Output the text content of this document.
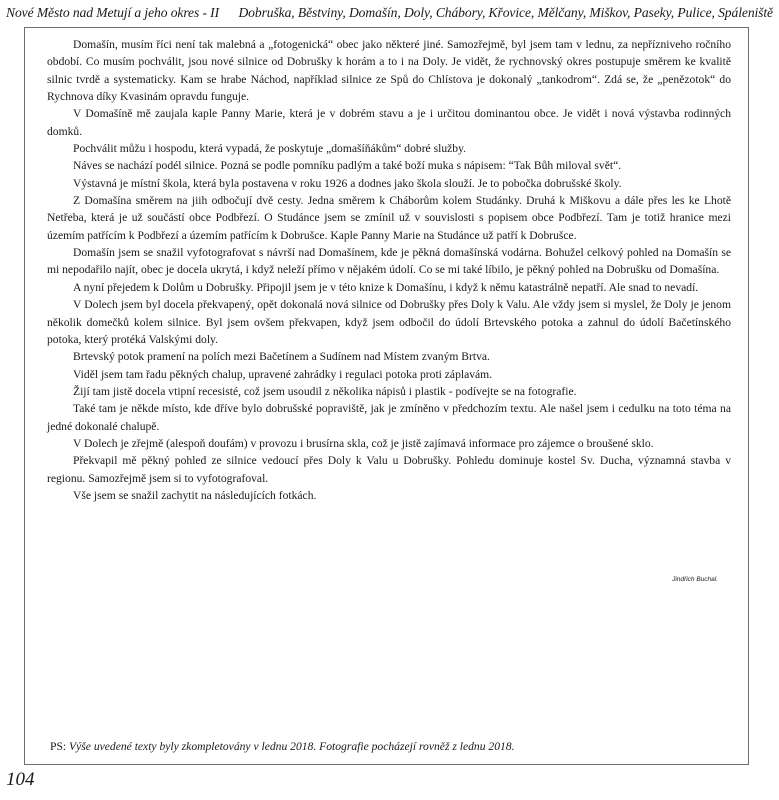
Nové Město nad Metují a jeho okres - II Dobruška, Běstviny, Domašín, Doly, Chábory, Křovice, Mělčany, Miškov, Paseky, Pulice, Spáleniště

Domašín, musím říci není tak malebná a „fotogenická“ obec jako některé jiné. Samozřejmě, byl jsem tam v lednu, za nepřízniveho ročního období. Co musím pochválit, jsou nové silnice od Dobrušky k horám a to i na Doly. Je vidět, že rychnovský okres postupuje směrem ke kvalitě silnic tvrdě a systematicky. Kam se hrabe Náchod, například silnice ze Spů do Chlístova je dokonalý „tankodrom“. Zdá se, že „penězotok“ do Rychnova díky Kvasinám opravdu funguje.

V Domašíně mě zaujala kaple Panny Marie, která je v dobrém stavu a je i určitou dominantou obce. Je vidět i nová výstavba rodinných domků.

Pochválit můžu i hospodu, která vypadá, že poskytuje „domašíňákům“ dobré služby.

Náves se nachází podél silnice. Pozná se podle pomníku padlým a také boží muka s nápisem: “Tak Bůh miloval svět“.

Výstavná je místní škola, která byla postavena v roku 1926 a dodnes jako škola slouží. Je to pobočka dobrušské školy.

Z Domašína směrem na jiih odbočují dvě cesty. Jedna směrem k Cháborům kolem Studánky. Druhá k Miškovu a dále přes les ke Lhotě Netřeba, která je už součástí obce Podbřezí. O Studánce jsem se zmínil už v souvislosti s popisem obce Podbřezí. Tam je totiž hranice mezi územím patřícím k Podbřezí a územím patřícím k Dobrušce. Kaple Panny Marie na Studánce už patří k Dobrušce.

Domašín jsem se snažil vyfotografovat s návrší nad Domašínem, kde je pěkná domašínská vodárna. Bohužel celkový pohled na Domašín se mi nepodařilo najít, obec je docela ukrytá, i když neleží přímo v nějakém údolí. Co se mi také líbilo, je pěkný pohled na Dobrušku od Domašína.

A nyní přejedem k Dolům u Dobrušky. Připojil jsem je v této knize k Domašínu, i když k němu katastrálně nepatří. Ale snad to nevadí.

V Dolech jsem byl docela překvapený, opět dokonalá nová silnice od Dobrušky přes Doly k Valu. Ale vždy jsem si myslel, že Doly je jenom několik domečků kolem silnice. Byl jsem ovšem překvapen, když jsem odbočil do údolí Brtevského potoka a zahnul do údolí Bačetínského potoka, který protéká Valskými doly.

Brtevský potok pramení na polích mezi Bačetínem a Sudínem nad Místem zvaným Brtva.

Viděl jsem tam řadu pěkných chalup, upravené zahrádky i regulaci potoka proti záplavám.

Žijí tam jistě docela vtipní recesisté, což jsem usoudil z několika nápisů i plastik - podívejte se na fotografie.

Také tam je někde místo, kde dříve bylo dobrušské popraviště, jak je zmíněno v předchozím textu. Ale našel jsem i cedulku na toto téma na jedné dokonalé chalupě.

V Dolech je zřejmě (alespoň doufám) v provozu i brusírna skla, což je jistě zajímavá informace pro zájemce o broušené sklo.

Překvapil mě pěkný pohled ze silnice vedoucí přes Doly k Valu u Dobrušky. Pohledu dominuje kostel Sv. Ducha, významná stavba v regionu. Samozřejmě jsem si to vyfotografoval.

Vše jsem se snažil zachytit na následujících fotkách.

Jindřich Buchal.
PS: Výše uvedené texty byly zkompletovány v lednu 2018. Fotografie pocházejí rovněž z lednu 2018.
104
